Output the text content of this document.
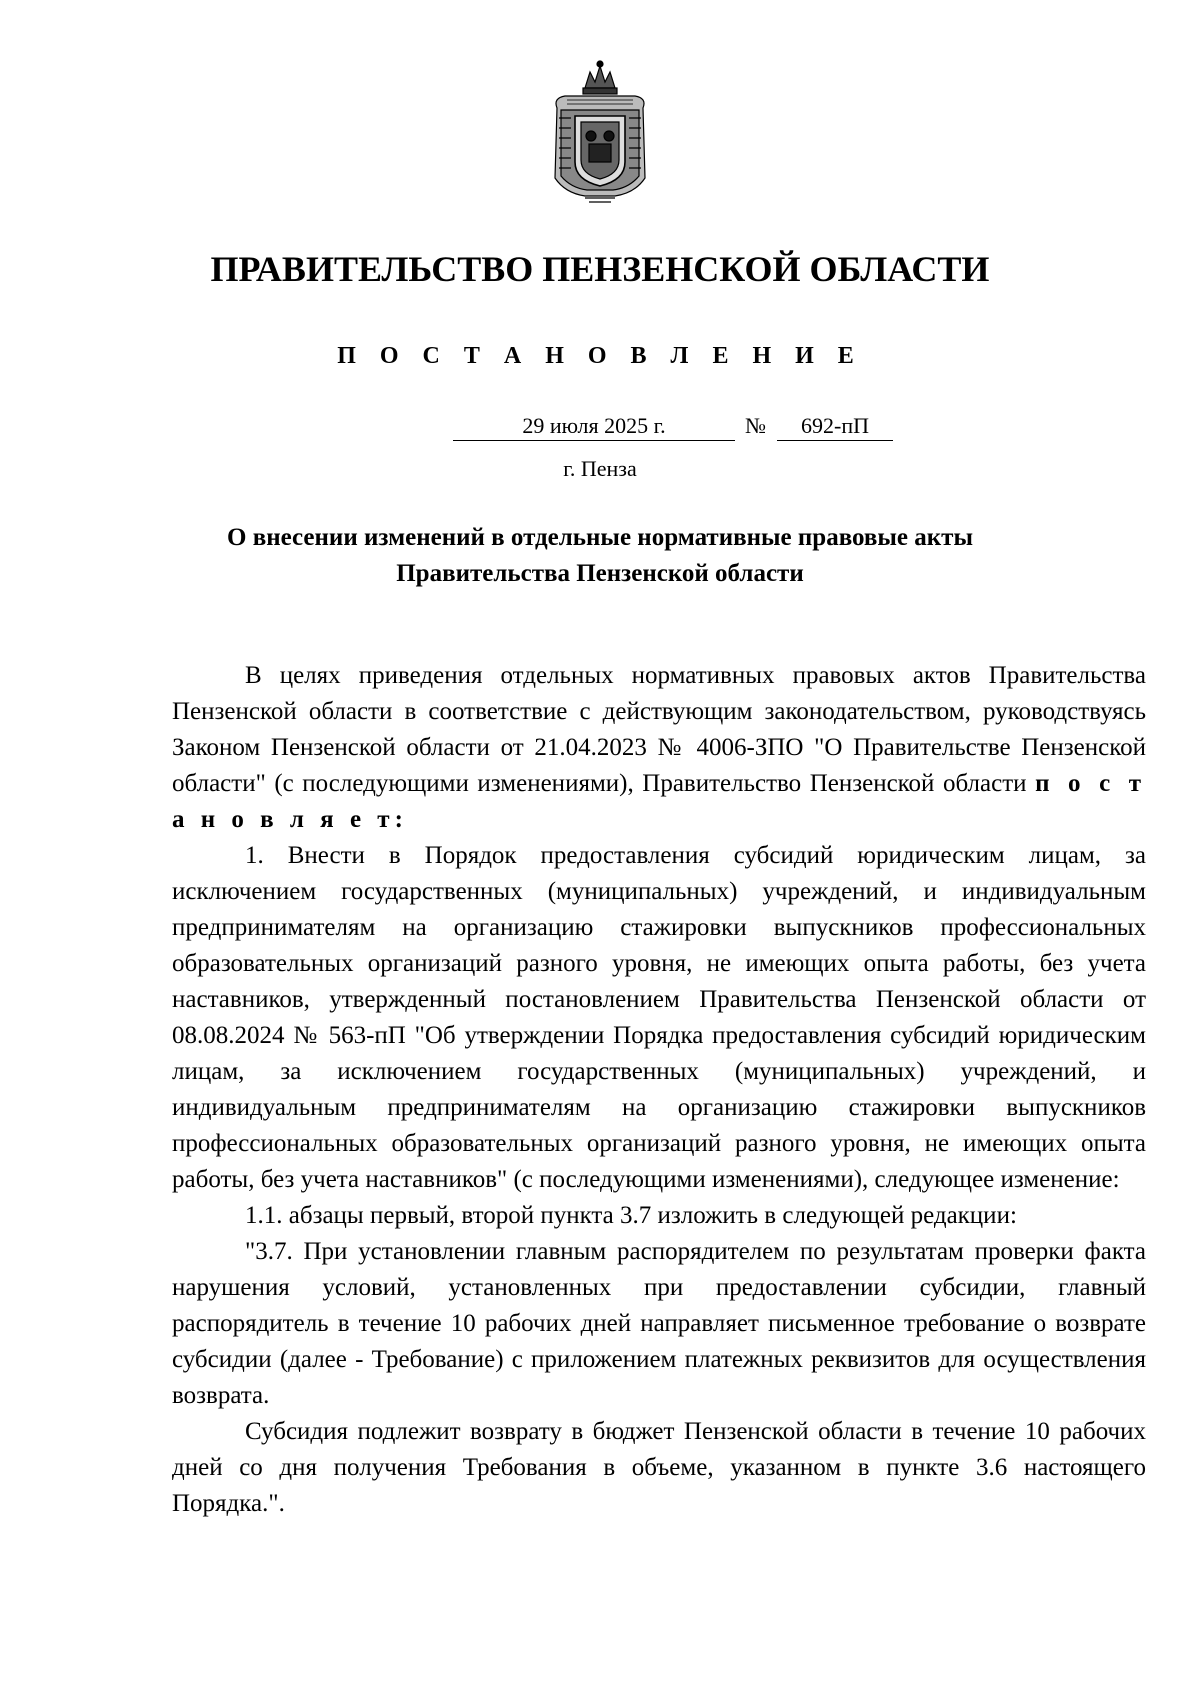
ПРАВИТЕЛЬСТВО ПЕНЗЕНСКОЙ ОБЛАСТИ
П О С Т А Н О В Л Е Н И Е
29 июля 2025 г.	№	692-пП
г. Пенза
О внесении изменений в отдельные нормативные правовые акты
Правительства Пензенской области

В целях приведения отдельных нормативных правовых актов Правительства Пензенской области в соответствие с действующим законодательством, руководствуясь Законом Пензенской области от 21.04.2023 № 4006-ЗПО "О Правительстве Пензенской области" (с последующими изменениями), Правительство Пензенской области п о с т а н о в л я е т:

1. Внести в Порядок предоставления субсидий юридическим лицам, за исключением государственных (муниципальных) учреждений, и индивидуальным предпринимателям на организацию стажировки выпускников профессиональных образовательных организаций разного уровня, не имеющих опыта работы, без учета наставников, утвержденный постановлением Правительства Пензенской области от 08.08.2024 № 563-пП "Об утверждении Порядка предоставления субсидий юридическим лицам, за исключением государственных (муниципальных) учреждений, и индивидуальным предпринимателям на организацию стажировки выпускников профессиональных образовательных организаций разного уровня, не имеющих опыта работы, без учета наставников" (с последующими изменениями), следующее изменение:

1.1. абзацы первый, второй пункта 3.7 изложить в следующей редакции:

"3.7. При установлении главным распорядителем по результатам проверки факта нарушения условий, установленных при предоставлении субсидии, главный распорядитель в течение 10 рабочих дней направляет письменное требование о возврате субсидии (далее - Требование) с приложением платежных реквизитов для осуществления возврата.

Субсидия подлежит возврату в бюджет Пензенской области в течение 10 рабочих дней со дня получения Требования в объеме, указанном в пункте 3.6 настоящего Порядка.".
